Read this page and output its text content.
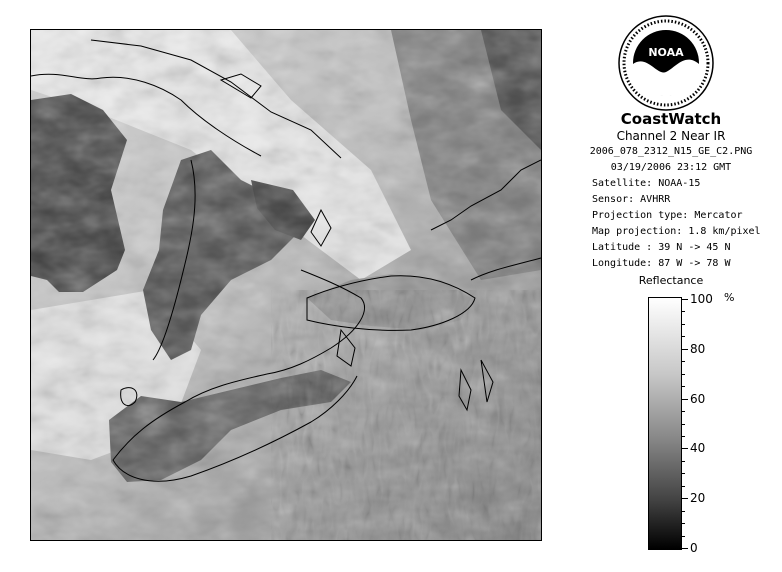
NOAA
CoastWatch
Channel 2 Near IR
2006_078_2312_N15_GE_C2.PNG
03/19/2006 23:12 GMT
Satellite: NOAA-15
Sensor: AVHRR
Projection type: Mercator
Map projection: 1.8 km/pixel
Latitude : 39 N -> 45 N
Longitude: 87 W -> 78 W
Reflectance
100
80
60
40
20
0
%
